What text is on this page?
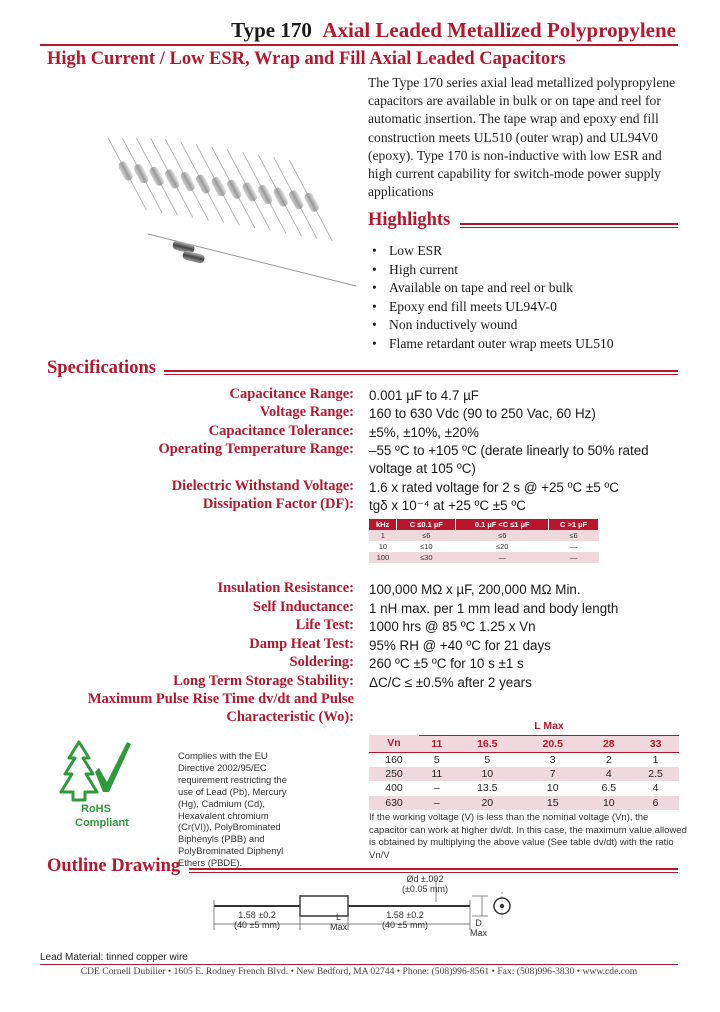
Type 170 Axial Leaded Metallized Polypropylene
High Current / Low ESR, Wrap and Fill Axial Leaded Capacitors

The Type 170 series axial lead metallized polypropylene capacitors are available in bulk or on tape and reel for automatic insertion. The tape wrap and epoxy end fill construction meets UL510 (outer wrap) and UL94V0 (epoxy). Type 170 is non-inductive with low ESR and high current capability for switch-mode power supply applications

Highlights
• Low ESR
• High current
• Available on tape and reel or bulk
• Epoxy end fill meets UL94V-0
• Non inductively wound
• Flame retardant outer wrap meets UL510
Specifications
Capacitance Range: 0.001 µF to 4.7 µF
Voltage Range: 160 to 630 Vdc (90 to 250 Vac, 60 Hz)
Capacitance Tolerance: ±5%, ±10%, ±20%
Operating Temperature Range: –55 ºC to +105 ºC (derate linearly to 50% rated
voltage at 105 ºC)
Dielectric Withstand Voltage: 1.6 x rated voltage for 2 s @ +25 ºC ±5 ºC
Dissipation Factor (DF): tgδ x 10⁻⁴ at +25 ºC ±5 ºC
kHz	C ≤0.1 µF	0.1 µF <C ≤1 µF	C >1 µF
1	≤6	≤6	≤6
10	≤10	≤20	—
100	≤30	—	—
Insulation Resistance: 100,000 MΩ x µF, 200,000 MΩ Min.
Self Inductance: 1 nH max. per 1 mm lead and body length
Life Test: 1000 hrs @ 85 ºC 1.25 x Vn
Damp Heat Test: 95% RH @ +40 ºC for 21 days
Soldering: 260 ºC ±5 ºC for 10 s ±1 s
Long Term Storage Stability: ΔC/C ≤ ±0.5% after 2 years
Maximum Pulse Rise Time dv/dt and Pulse
Characteristic (Wo):
	L Max				
Vn	11	16.5	20.5	28	33
160	5	5	3	2	1
250	11	10	7	4	2.5
400	–	13.5	10	6.5	4
630	–	20	15	10	6

If the working voltage (V) is less than the nominal voltage (Vn), the capacitor can work at higher dv/dt. In this case, the maximum value allowed is obtained by multiplying the above value (See table dv/dt) with the ratio Vn/V

RoHS
Compliant

Complies with the EU Directive 2002/95/EC requirement restricting the use of Lead (Pb), Mercury (Hg), Cadmium (Cd), Hexavalent chromium (Cr(VI)), PolyBrominated Biphenyls (PBB) and PolyBrominated Diphenyl Ethers (PBDE).

Outline Drawing
1.58 ±0.2
(40 ±5 mm)
L
Max
1.58 ±0.2
(40 ±5 mm)
Ød ±.002
(±0.05 mm)
D
Max
Lead Material: tinned copper wire
CDE Cornell Dubilier • 1605 E. Rodney French Blvd. • New Bedford, MA 02744 • Phone: (508)996-8561 • Fax: (508)996-3830 • www.cde.com
